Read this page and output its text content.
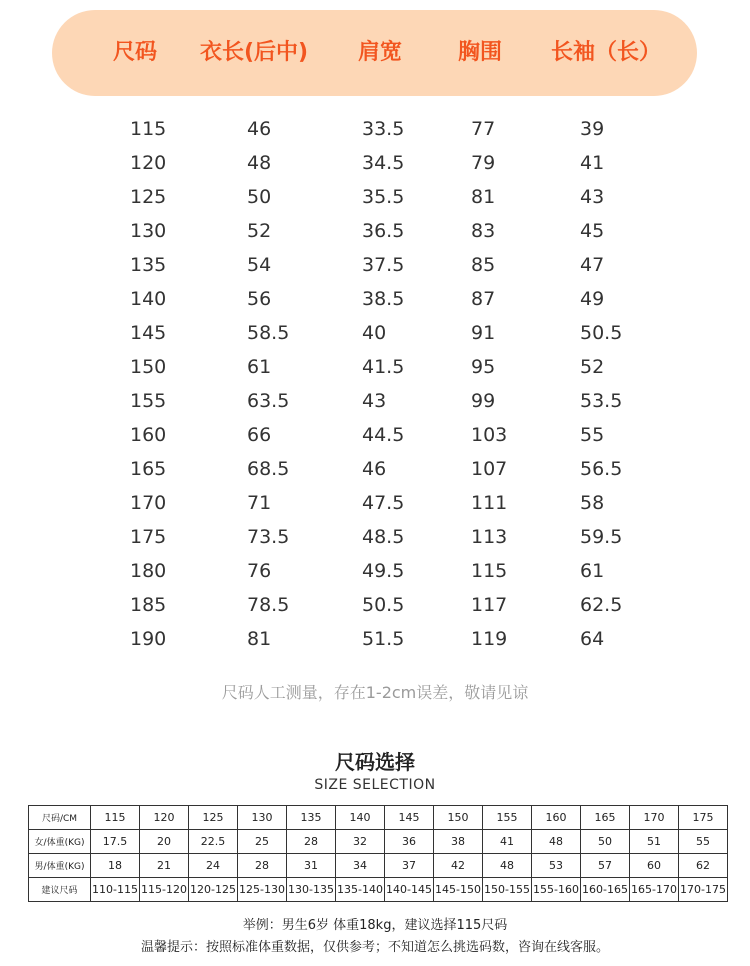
尺码 衣长(后中) 肩宽	胸围 长袖（长）
115	46	33.5	77	39
120	48	34.5	79	41
125	50	35.5	81	43
130	52	36.5	83	45
135	54	37.5	85	47
140	56	38.5	87	49
145	58.5	40	91	50.5
150	61	41.5	95	52
155	63.5	43	99	53.5
160	66	44.5	103	55
165	68.5	46	107	56.5
170	71	47.5	111	58
175	73.5	48.5	113	59.5
180	76	49.5	115	61
185	78.5	50.5	117	62.5
190	81	51.5	119	64
尺码人工测量，存在1-2cm误差，敬请见谅
尺码选择
SIZE SELECTION
尺码/CM	115	120	125	130	135	140	145	150	155	160	165	170	175
女/体重(KG)	17.5	20	22.5	25	28	32	36	38	41	48	50	51	55
男/体重(KG)	18	21	24	28	31	34	37	42	48	53	57	60	62
建议尺码	110-115	115-120	120-125	125-130	130-135	135-140	140-145	145-150	150-155	155-160	160-165	165-170	170-175
举例：男生6岁 体重18kg，建议选择115尺码
温馨提示：按照标准体重数据，仅供参考；不知道怎么挑选码数，咨询在线客服。
